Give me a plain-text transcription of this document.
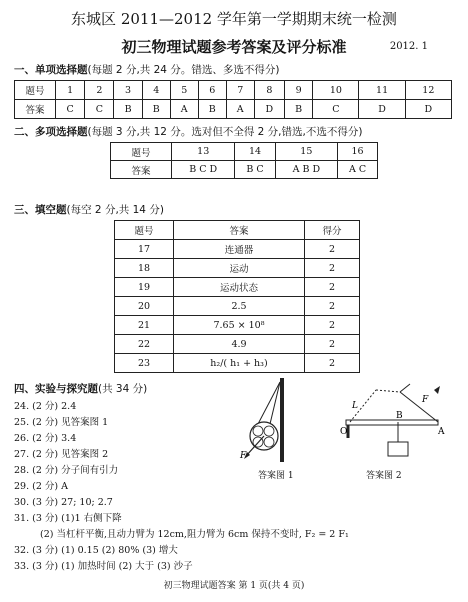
东城区 2011—2012 学年第一学期期末统一检测
初三物理试题参考答案及评分标准	2012. 1
一、单项选择题(每题 2 分,共 24 分。错选、多选不得分)
题号	1	2	3	4	5	6	7	8	9	10	11	12
答案	C	C	B	B	A	B	A	D	B	C	D	D
二、多项选择题(每题 3 分,共 12 分。选对但不全得 2 分,错选,不选不得分)
题号	13	14	15	16
答案	B C D	B C	A B D	A C
三、填空题(每空 2 分,共 14 分)
题号	答案	得分
17	连通器	2
18	运动	2
19	运动状态	2
20	2.5	2
21	7.65 × 10⁸	2
22	4.9	2
23	h₂/( h₁ + h₃)	2
四、实验与探究题(共 34 分)
24. (2 分) 2.4
25. (2 分) 见答案图 1
26. (2 分) 3.4
27. (2 分) 见答案图 2
28. (2 分) 分子间有引力
29. (2 分) A
30. (3 分) 27; 10; 2.7
31. (3 分) (1)1 右侧下降
(2) 当杠杆平衡,且动力臂为 12cm,阻力臂为 6cm 保持不变时, F₂ = 2 F₁
32. (3 分) (1) 0.15 (2) 80% (3) 增大
33. (3 分) (1) 加热时间 (2) 大于 (3) 沙子
F
答案图 1
L
F
O
B
A
答案图 2
初三物理试题答案 第 1 页(共 4 页)
